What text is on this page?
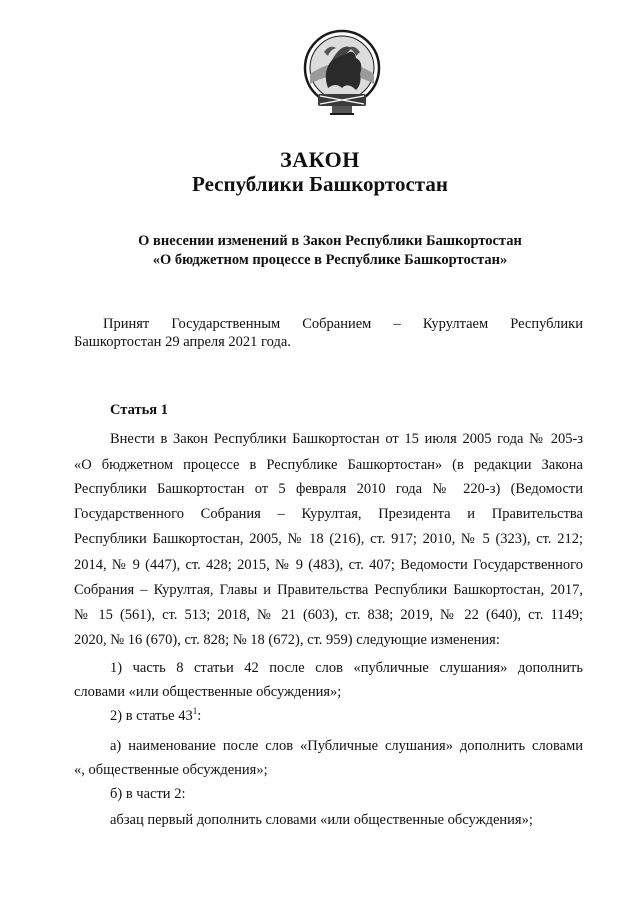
ЗАКОН
Республики Башкортостан
О внесении изменений в Закон Республики Башкортостан
«О бюджетном процессе в Республике Башкортостан»
Принят Государственным Собранием – Курултаем Республики
Башкортостан 29 апреля 2021 года.
Статья 1
Внести в Закон Республики Башкортостан от 15 июля 2005 года № 205-з
«О бюджетном процессе в Республике Башкортостан» (в редакции Закона
Республики Башкортостан от 5 февраля 2010 года № 220-з) (Ведомости
Государственного Собрания – Курултая, Президента и Правительства
Республики Башкортостан, 2005, № 18 (216), ст. 917; 2010, № 5 (323), ст. 212;
2014, № 9 (447), ст. 428; 2015, № 9 (483), ст. 407; Ведомости Государственного
Собрания – Курултая, Главы и Правительства Республики Башкортостан, 2017,
№ 15 (561), ст. 513; 2018, № 21 (603), ст. 838; 2019, № 22 (640), ст. 1149;
2020, № 16 (670), ст. 828; № 18 (672), ст. 959) следующие изменения:
1) часть 8 статьи 42 после слов «публичные слушания» дополнить
словами «или общественные обсуждения»;
2) в статье $43^1$:
а) наименование после слов «Публичные слушания» дополнить словами
«, общественные обсуждения»;
б) в части 2:
абзац первый дополнить словами «или общественные обсуждения»;
